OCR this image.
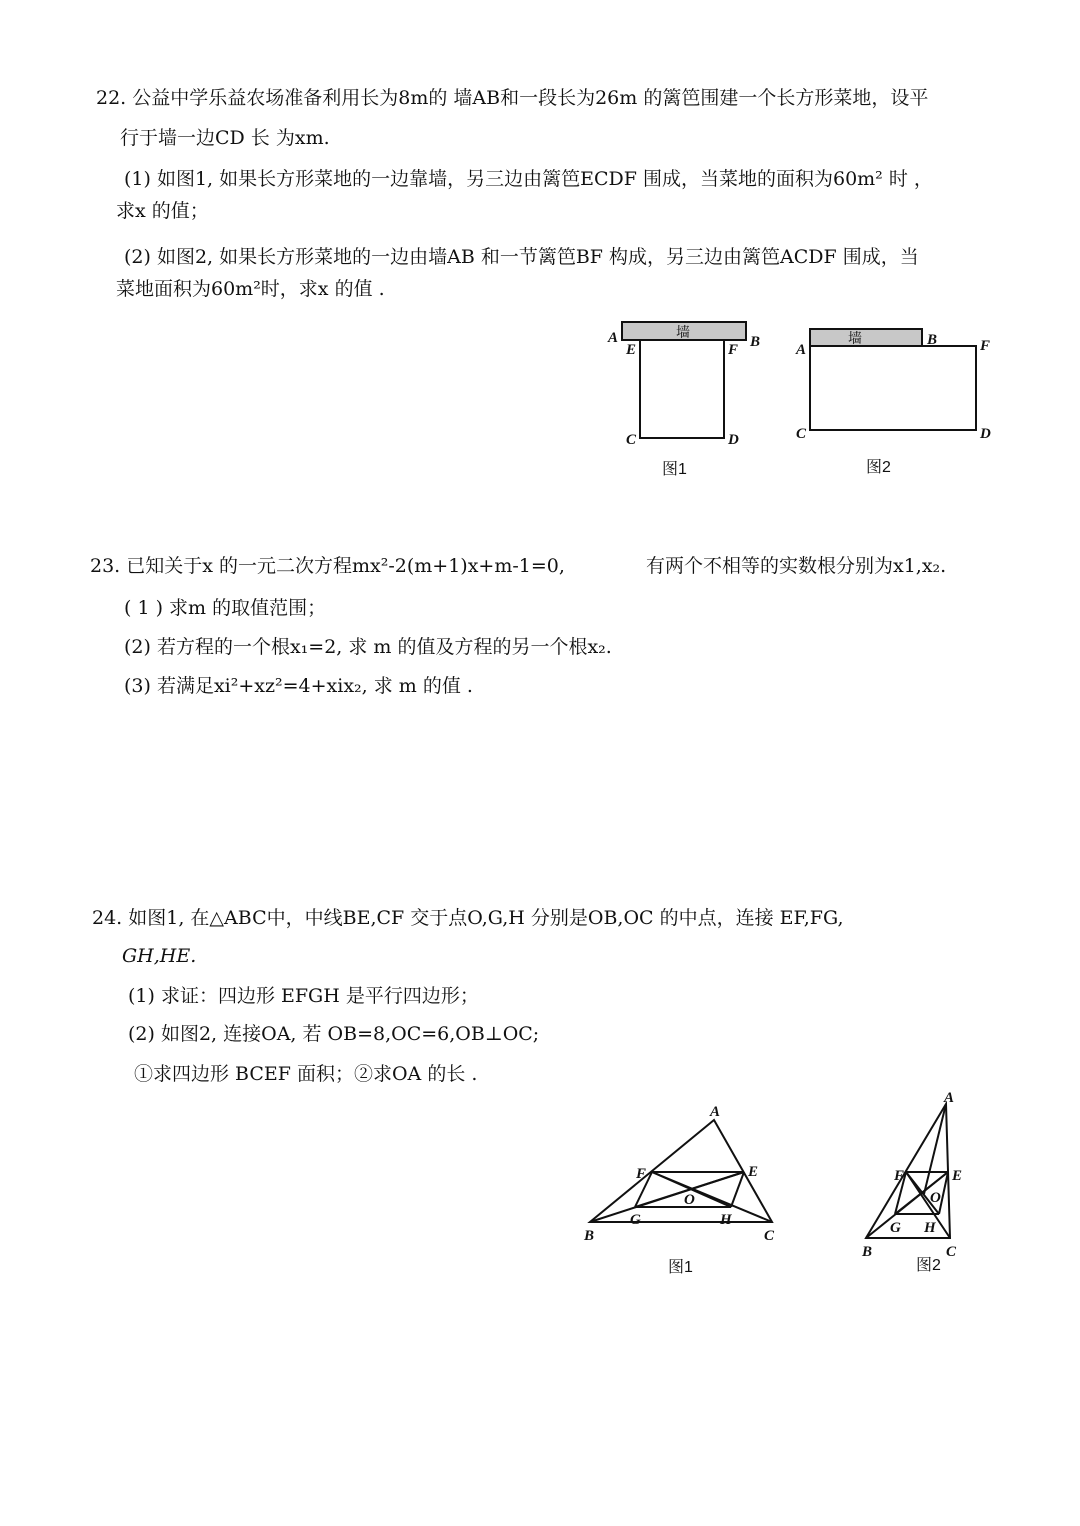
22. 公益中学乐益农场准备利用长为8m的 墙AB和一段长为26m 的篱笆围建一个长方形菜地，设平
行于墙一边CD 长 为xm.
(1) 如图1, 如果长方形菜地的一边靠墙，另三边由篱笆ECDF 围成，当菜地的面积为60m² 时 ，
求x 的值；
(2) 如图2, 如果长方形菜地的一边由墙AB 和一节篱笆BF 构成，另三边由篱笆ACDF 围成，当
菜地面积为60m²时，求x 的值 .
墙
A	B
E	F
C	D
图1
墙
A
B	F
C	D
图2
23. 已知关于x 的一元二次方程mx²-2(m+1)x+m-1=0,	有两个不相等的实数根分别为x1,x₂.
( 1 ) 求m 的取值范围；
(2) 若方程的一个根x₁=2, 求 m 的值及方程的另一个根x₂.
(3) 若满足xi²+xz²=4+xix₂, 求 m 的值 .
24. 如图1, 在△ABC中，中线BE,CF 交于点O,G,H 分别是OB,OC 的中点，连接 EF,FG,
GH,HE.
(1) 求证：四边形 EFGH 是平行四边形；
(2) 如图2, 连接OA, 若 OB=8,OC=6,OB⊥OC;
①求四边形 BCEF 面积；②求OA 的长 .
A
B	C
E
F
O
G	H
图1
A
B	C
E
F
O
G H
图2
